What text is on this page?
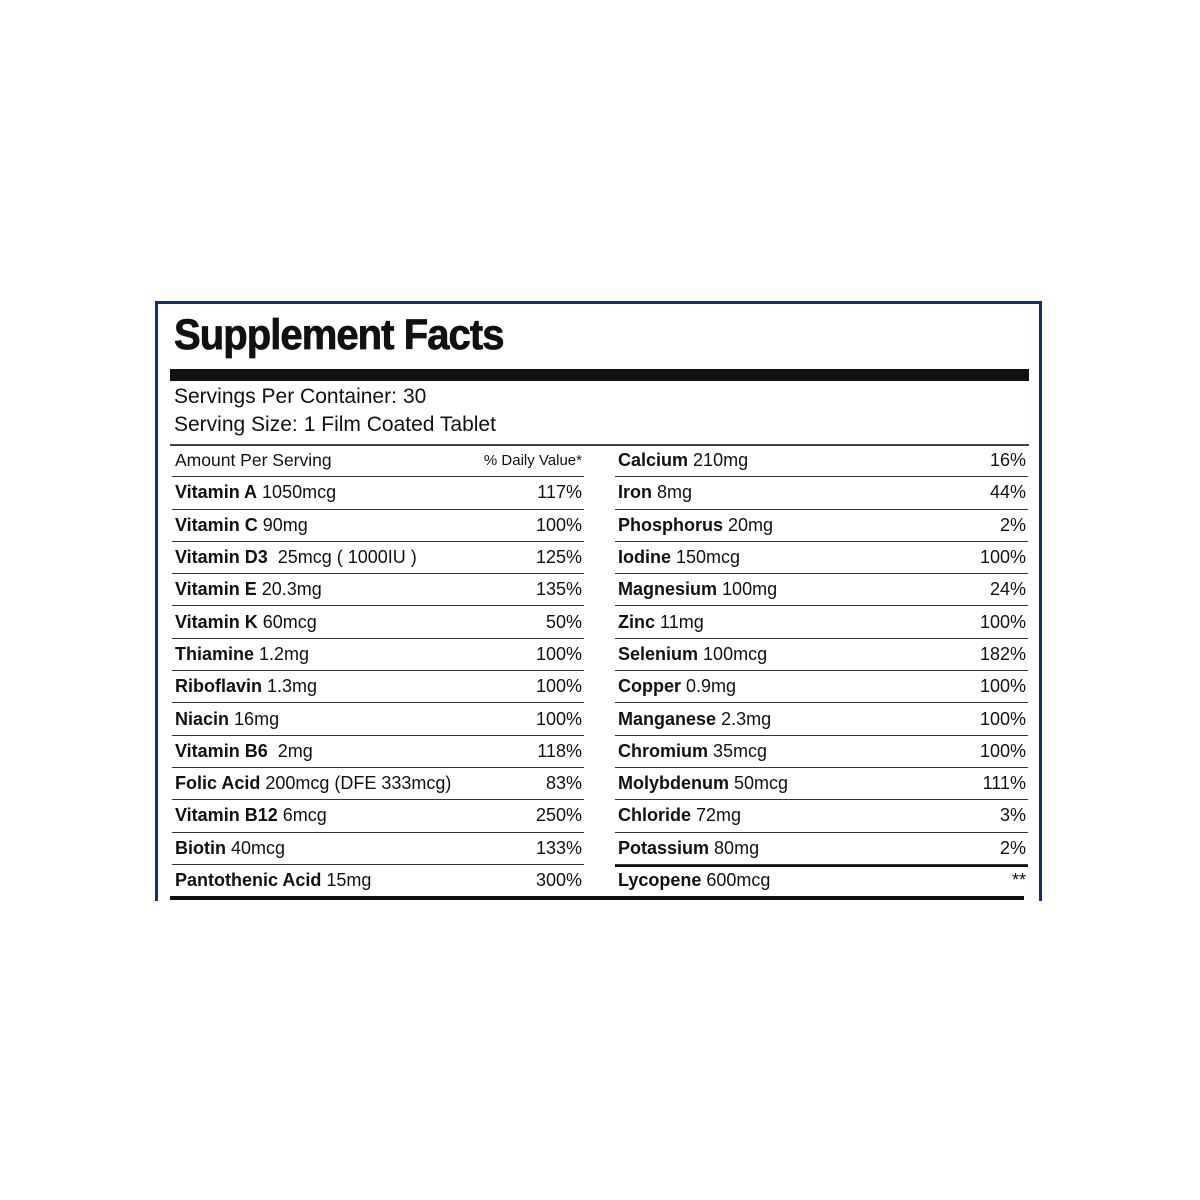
Supplement Facts
Servings Per Container: 30
Serving Size: 1 Film Coated Tablet
Amount Per Serving	% Daily Value*
Vitamin A 1050mcg	117%
Vitamin C 90mg	100%
Vitamin D3  25mcg ( 1000IU )	125%
Vitamin E 20.3mg	135%
Vitamin K 60mcg	50%
Thiamine 1.2mg	100%
Riboflavin 1.3mg	100%
Niacin 16mg	100%
Vitamin B6  2mg	118%
Folic Acid 200mcg (DFE 333mcg)	83%
Vitamin B12 6mcg	250%
Biotin 40mcg	133%
Pantothenic Acid 15mg	300%
Calcium 210mg	16%
Iron 8mg	44%
Phosphorus 20mg	2%
Iodine 150mcg	100%
Magnesium 100mg	24%
Zinc 11mg	100%
Selenium 100mcg	182%
Copper 0.9mg	100%
Manganese 2.3mg	100%
Chromium 35mcg	100%
Molybdenum 50mcg	111%
Chloride 72mg	3%
Potassium 80mg	2%
Lycopene 600mcg	**
